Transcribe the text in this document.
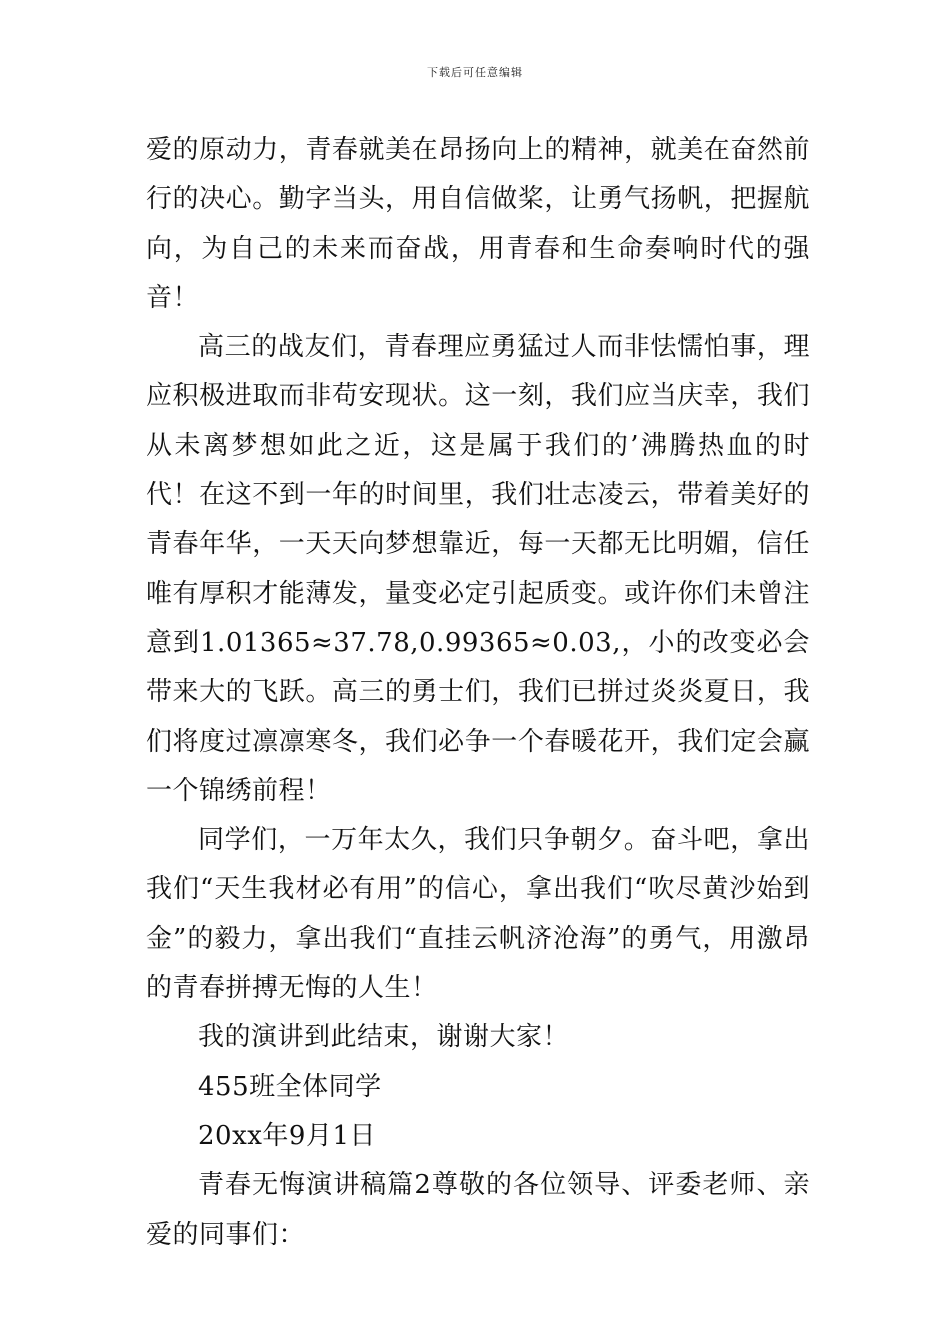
下载后可任意编辑

爱的原动力，青春就美在昂扬向上的精神，就美在奋然前行的决心。勤字当头，用自信做桨，让勇气扬帆，把握航向，为自己的未来而奋战，用青春和生命奏响时代的强音！

高三的战友们，青春理应勇猛过人而非怯懦怕事，理应积极进取而非苟安现状。这一刻，我们应当庆幸，我们从未离梦想如此之近，这是属于我们的’沸腾热血的时代！在这不到一年的时间里，我们壮志凌云，带着美好的青春年华，一天天向梦想靠近，每一天都无比明媚，信任唯有厚积才能薄发，量变必定引起质变。或许你们未曾注意到1.01365≈37.78,0.99365≈0.03,，小的改变必会带来大的飞跃。高三的勇士们，我们已拼过炎炎夏日，我们将度过凛凛寒冬，我们必争一个春暖花开，我们定会赢一个锦绣前程！

同学们，一万年太久，我们只争朝夕。奋斗吧，拿出我们“天生我材必有用”的信心，拿出我们“吹尽黄沙始到金”的毅力，拿出我们“直挂云帆济沧海”的勇气，用激昂的青春拼搏无悔的人生！

我的演讲到此结束，谢谢大家！

455班全体同学

20xx年9月1日

青春无悔演讲稿篇2尊敬的各位领导、评委老师、亲爱的同事们：
